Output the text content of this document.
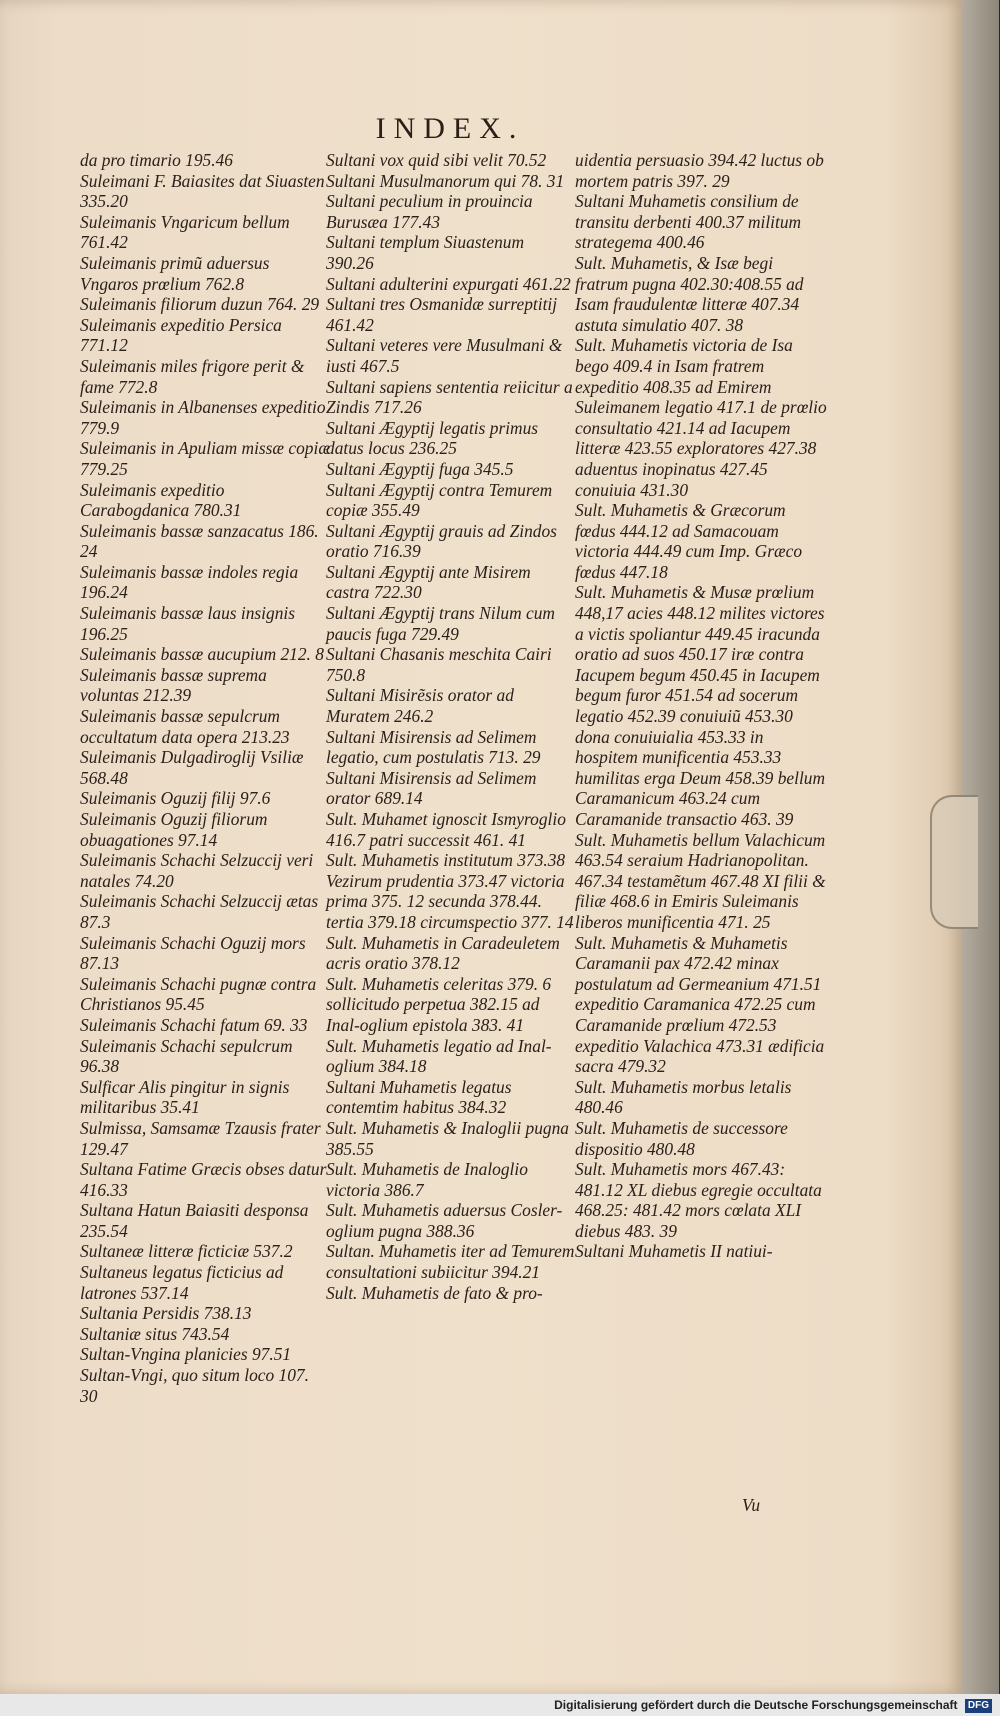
INDEX.

da pro timario 195.46

Suleimani F. Baiasites dat Siuasten 335.20

Suleimanis Vngaricum bellum 761.42

Suleimanis primũ aduersus Vngaros prœlium 762.8

Suleimanis filiorum duzun 764. 29

Suleimanis expeditio Persica 771.12

Suleimanis miles frigore perit & fame 772.8

Suleimanis in Albanenses expeditio 779.9

Suleimanis in Apuliam missæ copiæ 779.25

Suleimanis expeditio Carabogdanica 780.31

Suleimanis bassæ sanzacatus 186. 24

Suleimanis bassæ indoles regia 196.24

Suleimanis bassæ laus insignis 196.25

Suleimanis bassæ aucupium 212. 8

Suleimanis bassæ suprema voluntas 212.39

Suleimanis bassæ sepulcrum occultatum data opera 213.23

Suleimanis Dulgadiroglij Vsiliæ 568.48

Suleimanis Oguzij filij 97.6

Suleimanis Oguzij filiorum obuagationes 97.14

Suleimanis Schachi Selzuccij veri natales 74.20

Suleimanis Schachi Selzuccij ætas 87.3

Suleimanis Schachi Oguzij mors 87.13

Suleimanis Schachi pugnæ contra Christianos 95.45

Suleimanis Schachi fatum 69. 33

Suleimanis Schachi sepulcrum 96.38

Sulficar Alis pingitur in signis militaribus 35.41

Sulmissa, Samsamæ Tzausis frater 129.47

Sultana Fatime Græcis obses datur 416.33

Sultana Hatun Baiasiti desponsa 235.54

Sultaneæ litteræ ficticiæ 537.2

Sultaneus legatus ficticius ad latrones 537.14

Sultania Persidis 738.13

Sultaniæ situs 743.54

Sultan-Vngina planicies 97.51

Sultan-Vngi, quo situm loco 107. 30

Sultani vox quid sibi velit 70.52

Sultani Musulmanorum qui 78. 31

Sultani peculium in prouincia Burusæa 177.43

Sultani templum Siuastenum 390.26

Sultani adulterini expurgati 461.22

Sultani tres Osmanidæ surreptitij 461.42

Sultani veteres vere Musulmani & iusti 467.5

Sultani sapiens sententia reiicitur a Zindis 717.26

Sultani Ægyptij legatis primus datus locus 236.25

Sultani Ægyptij fuga 345.5

Sultani Ægyptij contra Temurem copiæ 355.49

Sultani Ægyptij grauis ad Zindos oratio 716.39

Sultani Ægyptij ante Misirem castra 722.30

Sultani Ægyptij trans Nilum cum paucis fuga 729.49

Sultani Chasanis meschita Cairi 750.8

Sultani Misirẽsis orator ad Muratem 246.2

Sultani Misirensis ad Selimem legatio, cum postulatis 713. 29

Sultani Misirensis ad Selimem orator 689.14

Sult. Muhamet ignoscit Ismyroglio 416.7 patri successit 461. 41

Sult. Muhametis institutum 373.38 Vezirum prudentia 373.47 victoria prima 375. 12 secunda 378.44. tertia 379.18 circumspectio 377. 14

Sult. Muhametis in Caradeuletem acris oratio 378.12

Sult. Muhametis celeritas 379. 6 sollicitudo perpetua 382.15 ad Inal-oglium epistola 383. 41

Sult. Muhametis legatio ad Inal-oglium 384.18

Sultani Muhametis legatus contemtim habitus 384.32

Sult. Muhametis & Inaloglii pugna 385.55

Sult. Muhametis de Inaloglio victoria 386.7

Sult. Muhametis aduersus Cosler-oglium pugna 388.36

Sultan. Muhametis iter ad Temurem consultationi subiicitur 394.21

Sult. Muhametis de fato & pro-

uidentia persuasio 394.42 luctus ob mortem patris 397. 29

Sultani Muhametis consilium de transitu derbenti 400.37 militum strategema 400.46

Sult. Muhametis, & Isæ begi fratrum pugna 402.30:408.55 ad Isam fraudulentæ litteræ 407.34 astuta simulatio 407. 38

Sult. Muhametis victoria de Isa bego 409.4 in Isam fratrem expeditio 408.35 ad Emirem Suleimanem legatio 417.1 de prœlio consultatio 421.14 ad Iacupem litteræ 423.55 exploratores 427.38 aduentus inopinatus 427.45 conuiuia 431.30

Sult. Muhametis & Græcorum fœdus 444.12 ad Samacouam victoria 444.49 cum Imp. Græco fœdus 447.18

Sult. Muhametis & Musæ prœlium 448,17 acies 448.12 milites victores a victis spoliantur 449.45 iracunda oratio ad suos 450.17 iræ contra Iacupem begum 450.45 in Iacupem begum furor 451.54 ad socerum legatio 452.39 conuiuiũ 453.30 dona conuiuialia 453.33 in hospitem munificentia 453.33 humilitas erga Deum 458.39 bellum Caramanicum 463.24 cum Caramanide transactio 463. 39

Sult. Muhametis bellum Valachicum 463.54 seraium Hadrianopolitan. 467.34 testamẽtum 467.48 XI filii & filiæ 468.6 in Emiris Suleimanis liberos munificentia 471. 25

Sult. Muhametis & Muhametis Caramanii pax 472.42 minax postulatum ad Germeanium 471.51 expeditio Caramanica 472.25 cum Caramanide prœlium 472.53 expeditio Valachica 473.31 ædificia sacra 479.32

Sult. Muhametis morbus letalis 480.46

Sult. Muhametis de successore dispositio 480.48

Sult. Muhametis mors 467.43: 481.12 XL diebus egregie occultata 468.25: 481.42 mors cœlata XLI diebus 483. 39

Sultani Muhametis II natiui-

Vu
Digitalisierung gefördert durch die Deutsche Forschungsgemeinschaft DFG
